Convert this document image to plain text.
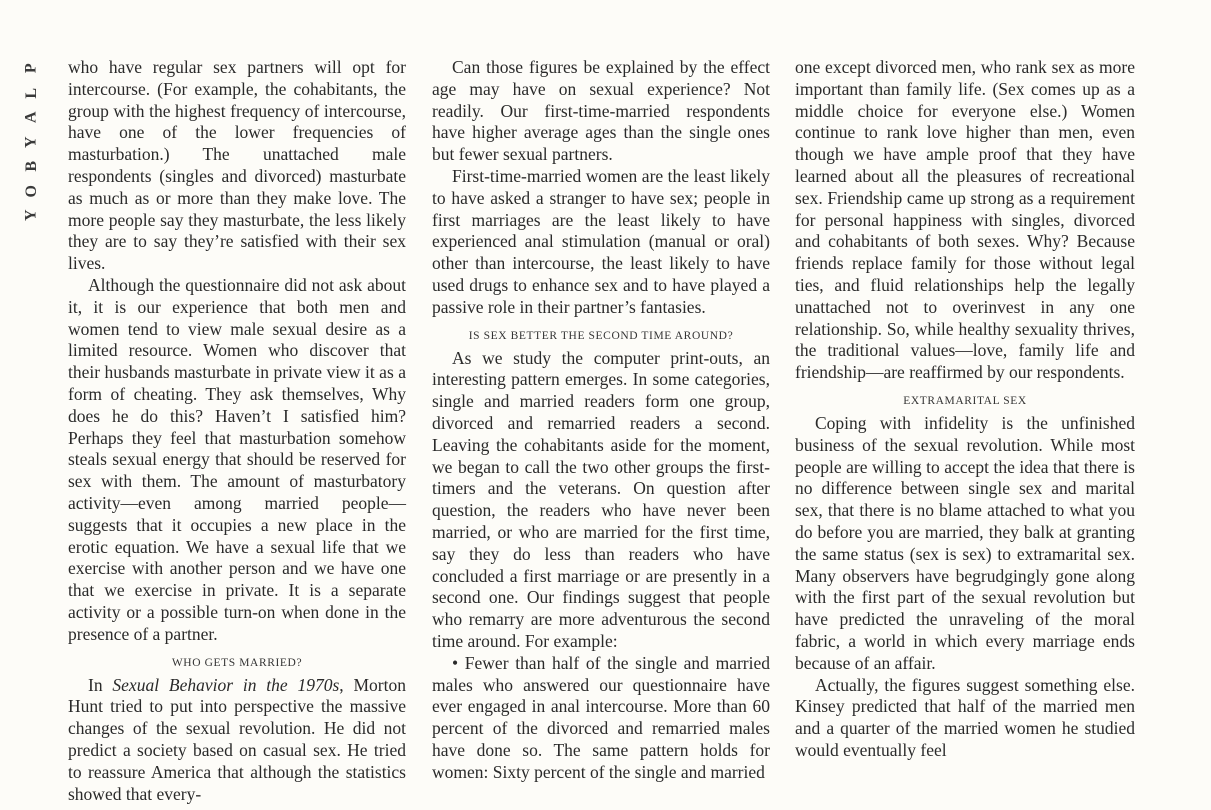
P
L
A
Y
B
O
Y

who have regular sex partners will opt for intercourse. (For example, the cohabitants, the group with the highest frequency of intercourse, have one of the lower frequencies of masturbation.) The unattached male respondents (singles and divorced) masturbate as much as or more than they make love. The more people say they masturbate, the less likely they are to say they’re satisfied with their sex lives.

Although the questionnaire did not ask about it, it is our experience that both men and women tend to view male sexual desire as a limited resource. Women who discover that their husbands masturbate in private view it as a form of cheating. They ask themselves, Why does he do this? Haven’t I satisfied him? Perhaps they feel that masturbation somehow steals sexual energy that should be reserved for sex with them. The amount of masturbatory activity—even among married people—suggests that it occupies a new place in the erotic equation. We have a sexual life that we exercise with another person and we have one that we exercise in private. It is a separate activity or a possible turn-on when done in the presence of a partner.

WHO GETS MARRIED?

In Sexual Behavior in the 1970s, Morton Hunt tried to put into perspective the massive changes of the sexual revolution. He did not predict a society based on casual sex. He tried to reassure America that although the statistics showed that every-

Can those figures be explained by the effect age may have on sexual experience? Not readily. Our first-time-married respondents have higher average ages than the single ones but fewer sexual partners.

First-time-married women are the least likely to have asked a stranger to have sex; people in first marriages are the least likely to have experienced anal stimulation (manual or oral) other than intercourse, the least likely to have used drugs to enhance sex and to have played a passive role in their partner’s fantasies.

IS SEX BETTER THE SECOND TIME AROUND?

As we study the computer print-outs, an interesting pattern emerges. In some categories, single and married readers form one group, divorced and remarried readers a second. Leaving the cohabitants aside for the moment, we began to call the two other groups the first-timers and the veterans. On question after question, the readers who have never been married, or who are married for the first time, say they do less than readers who have concluded a first marriage or are presently in a second one. Our findings suggest that people who remarry are more adventurous the second time around. For example:

• Fewer than half of the single and married males who answered our questionnaire have ever engaged in anal intercourse. More than 60 percent of the divorced and remarried males have done so. The same pattern holds for women: Sixty percent of the single and married

one except divorced men, who rank sex as more important than family life. (Sex comes up as a middle choice for everyone else.) Women continue to rank love higher than men, even though we have ample proof that they have learned about all the pleasures of recreational sex. Friendship came up strong as a requirement for personal happiness with singles, divorced and cohabitants of both sexes. Why? Because friends replace family for those without legal ties, and fluid relationships help the legally unattached not to overinvest in any one relationship. So, while healthy sexuality thrives, the traditional values—love, family life and friendship—are reaffirmed by our respondents.

EXTRAMARITAL SEX

Coping with infidelity is the unfinished business of the sexual revolution. While most people are willing to accept the idea that there is no difference between single sex and marital sex, that there is no blame attached to what you do before you are married, they balk at granting the same status (sex is sex) to extramarital sex. Many observers have begrudgingly gone along with the first part of the sexual revolution but have predicted the unraveling of the moral fabric, a world in which every marriage ends because of an affair.

Actually, the figures suggest something else. Kinsey predicted that half of the married men and a quarter of the married women he studied would eventually feel
